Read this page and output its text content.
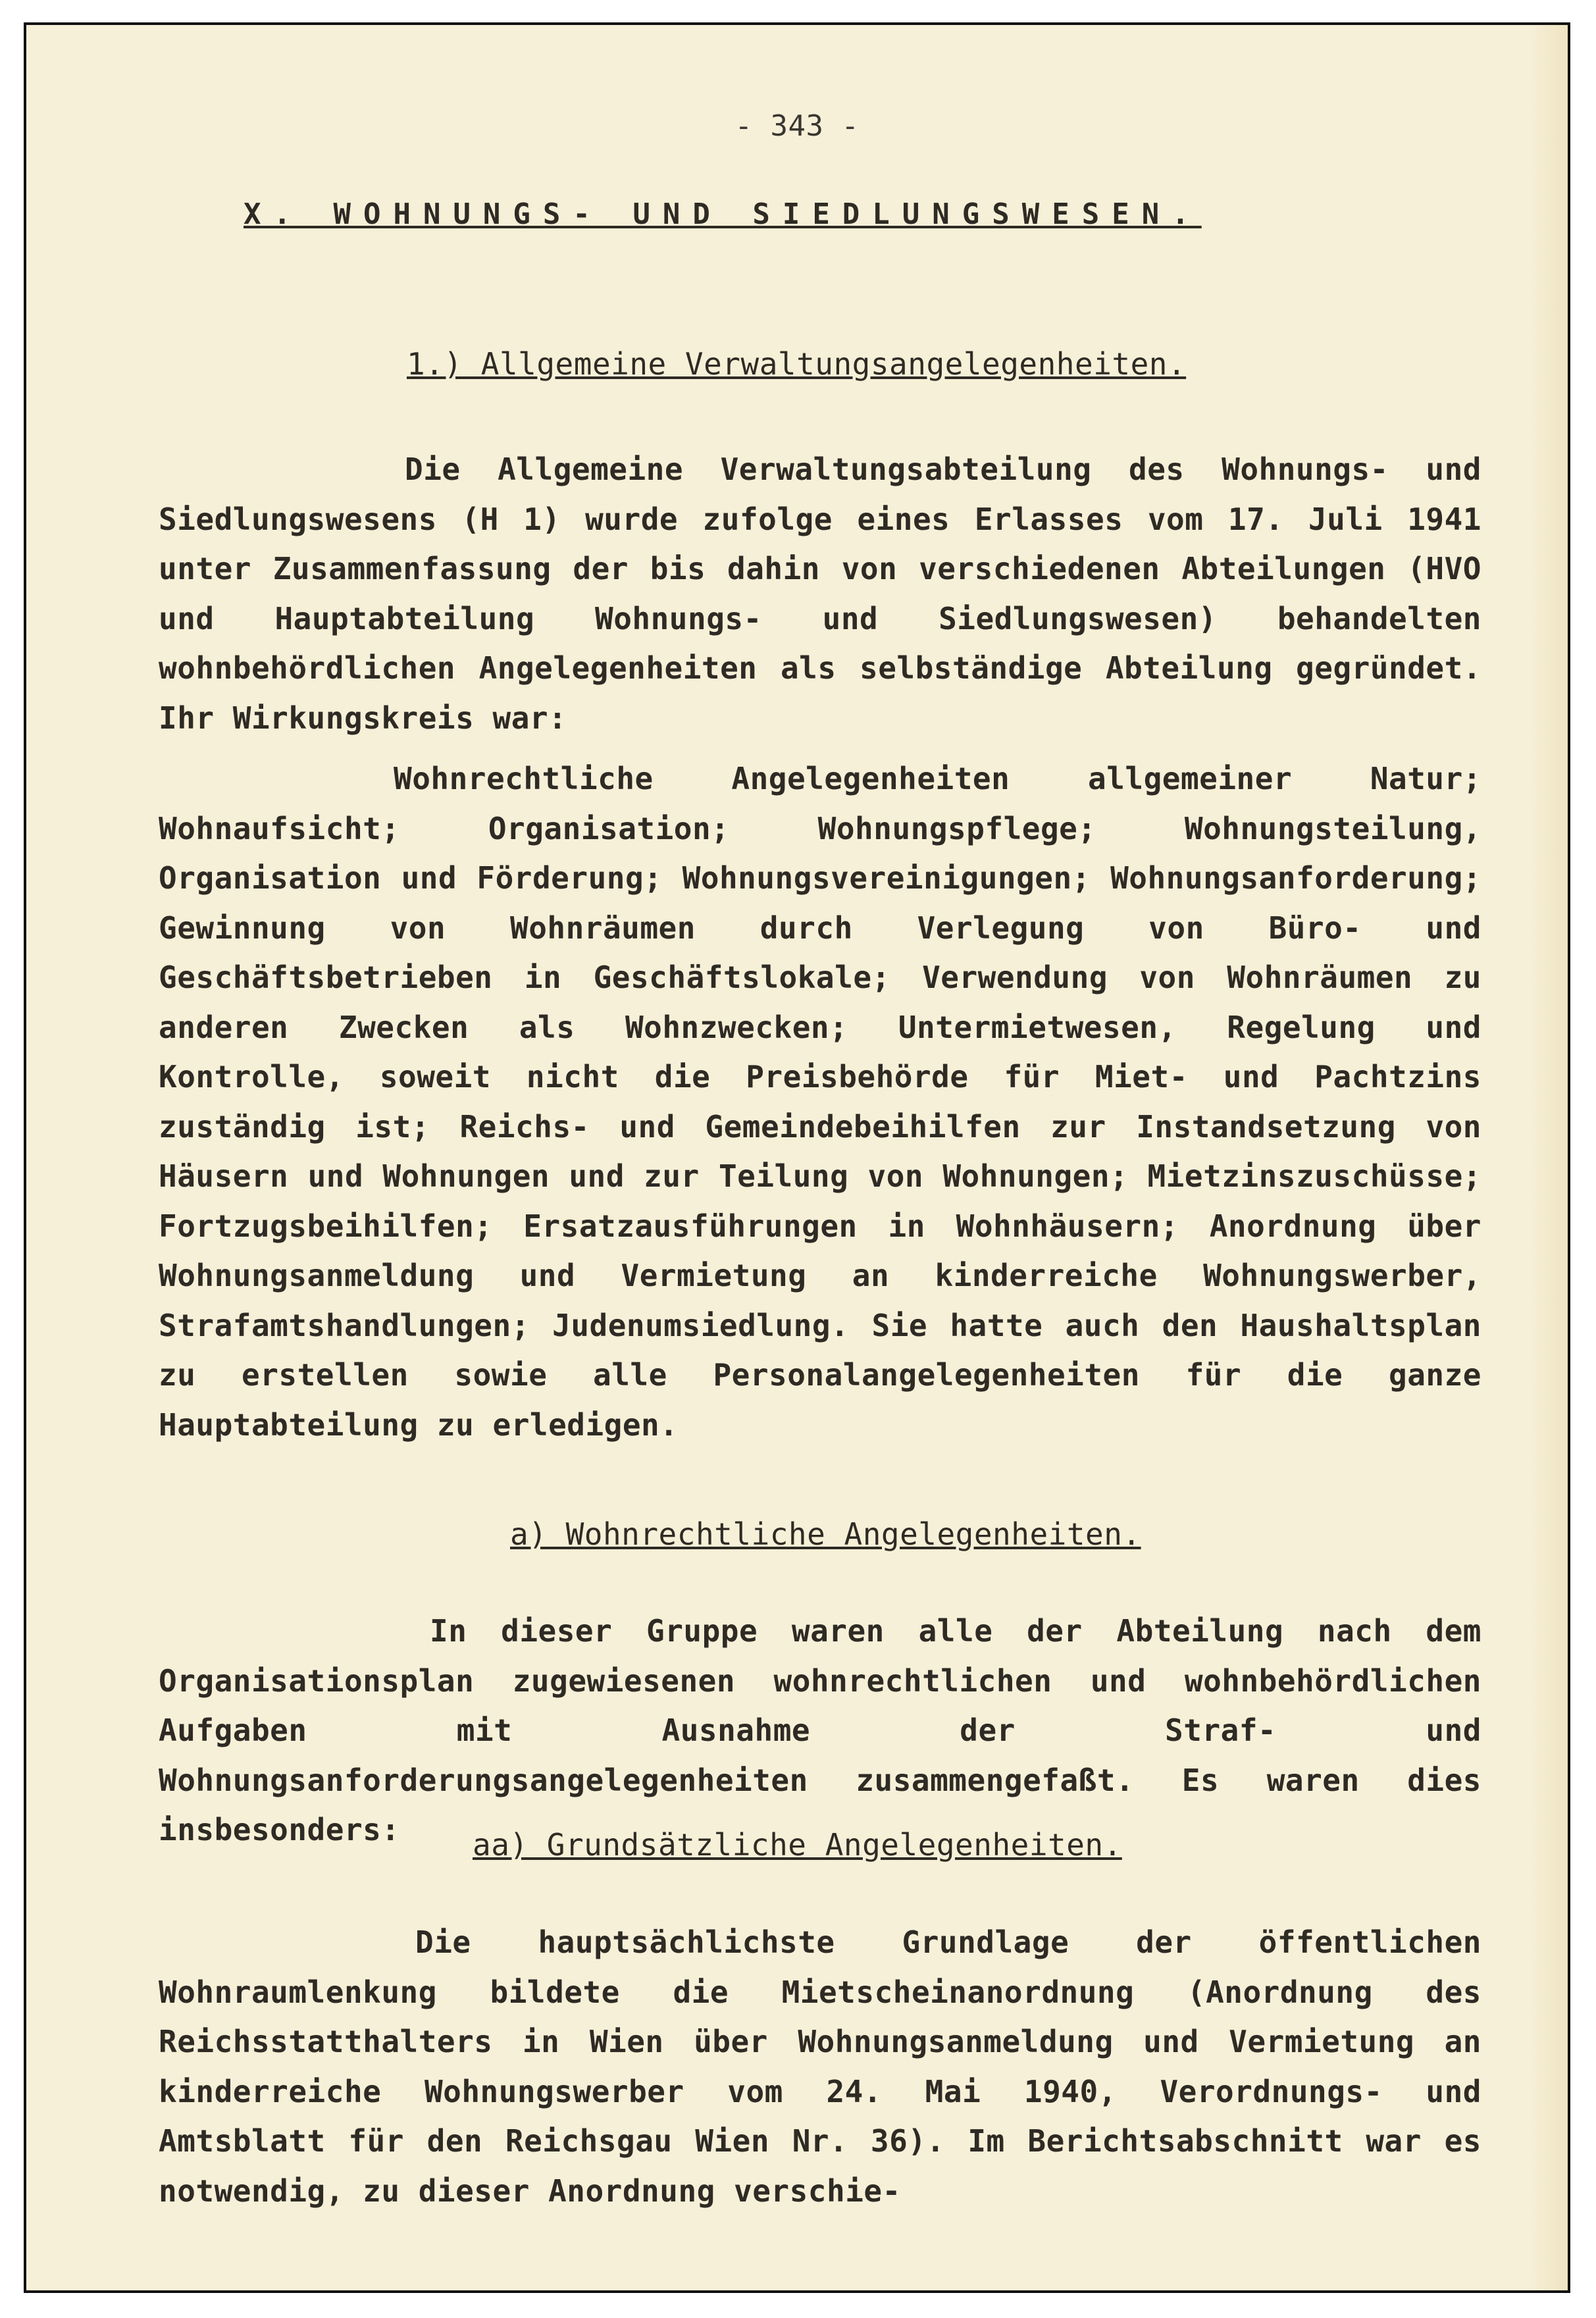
- 343 -
X. WOHNUNGS- UND SIEDLUNGSWESEN.
1.) Allgemeine Verwaltungsangelegenheiten.

Die Allgemeine Verwaltungsabteilung des Wohnungs- und Siedlungswesens (H 1) wurde zufolge eines Erlasses vom 17. Juli 1941 unter Zusammenfassung der bis dahin von verschiedenen Abteilungen (HVO und Hauptabteilung Wohnungs- und Siedlungswesen) behandelten wohnbehördlichen Angelegenheiten als selbständige Abteilung gegründet. Ihr Wirkungskreis war:

Wohnrechtliche Angelegenheiten allgemeiner Natur; Wohnaufsicht; Organisation; Wohnungspflege; Wohnungsteilung, Organisation und Förderung; Wohnungsvereinigungen; Wohnungsanforderung; Gewinnung von Wohnräumen durch Verlegung von Büro- und Geschäftsbetrieben in Geschäftslokale; Verwendung von Wohnräumen zu anderen Zwecken als Wohnzwecken; Untermietwesen, Regelung und Kontrolle, soweit nicht die Preisbehörde für Miet- und Pachtzins zuständig ist; Reichs- und Gemeindebeihilfen zur Instandsetzung von Häusern und Wohnungen und zur Teilung von Wohnungen; Mietzinszuschüsse; Fortzugsbeihilfen; Ersatzausführungen in Wohnhäusern; Anordnung über Wohnungsanmeldung und Vermietung an kinderreiche Wohnungswerber, Strafamtshandlungen; Judenumsiedlung. Sie hatte auch den Haushaltsplan zu erstellen sowie alle Personalangelegenheiten für die ganze Hauptabteilung zu erledigen.

a) Wohnrechtliche Angelegenheiten.

In dieser Gruppe waren alle der Abteilung nach dem Organisationsplan zugewiesenen wohnrechtlichen und wohnbehördlichen Aufgaben mit Ausnahme der Straf- und Wohnungsanforderungsangelegenheiten zusammengefaßt. Es waren dies insbesonders:	aa) Grundsätzliche Angelegenheiten.

Die hauptsächlichste Grundlage der öffentlichen Wohnraumlenkung bildete die Mietscheinanordnung (Anordnung des Reichsstatthalters in Wien über Wohnungsanmeldung und Vermietung an kinderreiche Wohnungswerber vom 24. Mai 1940, Verordnungs- und Amtsblatt für den Reichsgau Wien Nr. 36). Im Berichtsabschnitt war es notwendig, zu dieser Anordnung verschie-
